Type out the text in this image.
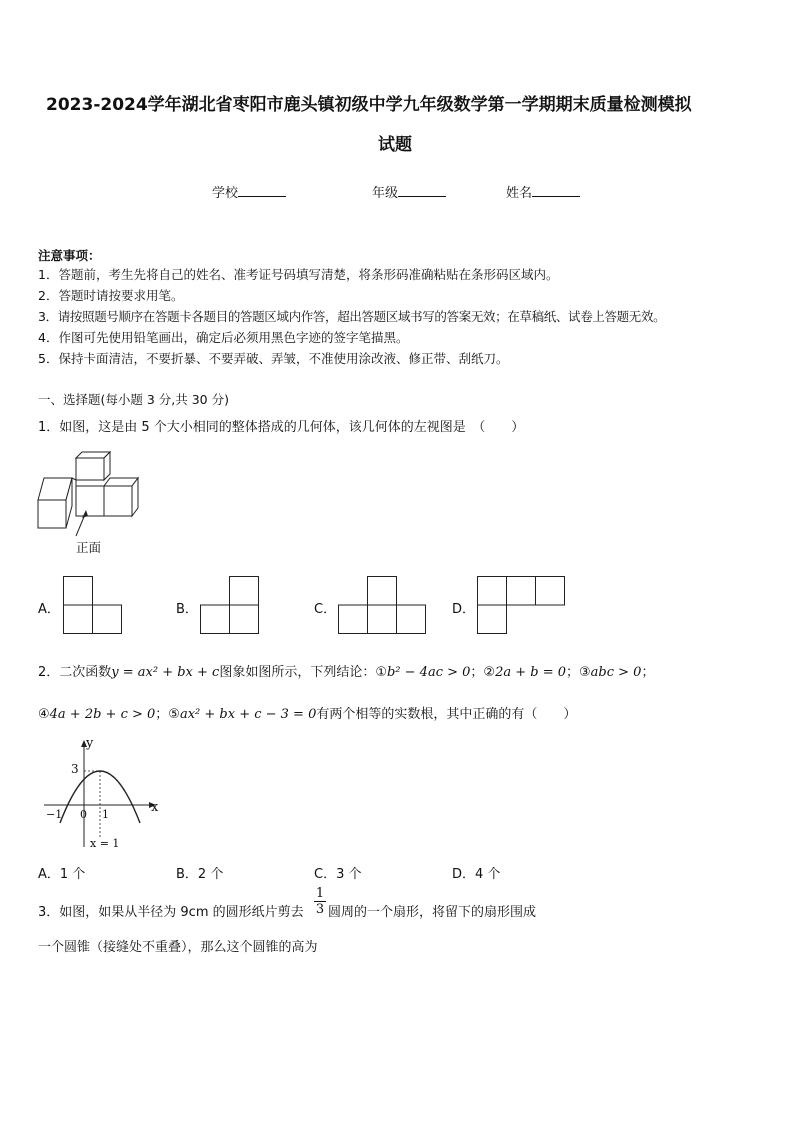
2023-2024学年湖北省枣阳市鹿头镇初级中学九年级数学第一学期期末质量检测模拟
试题
学校	年级	姓名
注意事项：
1．答题前，考生先将自己的姓名、准考证号码填写清楚，将条形码准确粘贴在条形码区域内。
2．答题时请按要求用笔。
3．请按照题号顺序在答题卡各题目的答题区域内作答，超出答题区域书写的答案无效；在草稿纸、试卷上答题无效。
4．作图可先使用铅笔画出，确定后必须用黑色字迹的签字笔描黑。
5．保持卡面清洁，不要折暴、不要弄破、弄皱，不准使用涂改液、修正带、刮纸刀。
一、选择题(每小题 3 分,共 30 分)
1．如图，这是由 5 个大小相同的整体搭成的几何体，该几何体的左视图是　（　　）
正面
A．	B．	C．	D．
2．二次函数y = ax² + bx + c图象如图所示，下列结论：①b² − 4ac > 0；②2a + b = 0；③abc > 0；
④4a + 2b + c > 0；⑤ax² + bx + c − 3 = 0有两个相等的实数根，其中正确的有（　　）
y
x
3
−1 0 1
x = 1
A．1 个	B．2 个	C．3 个	D．4 个
3．如图，如果从半径为 9cm 的圆形纸片剪去
1
3 圆周的一个扇形，将留下的扇形围成
一个圆锥（接缝处不重叠），那么这个圆锥的高为
